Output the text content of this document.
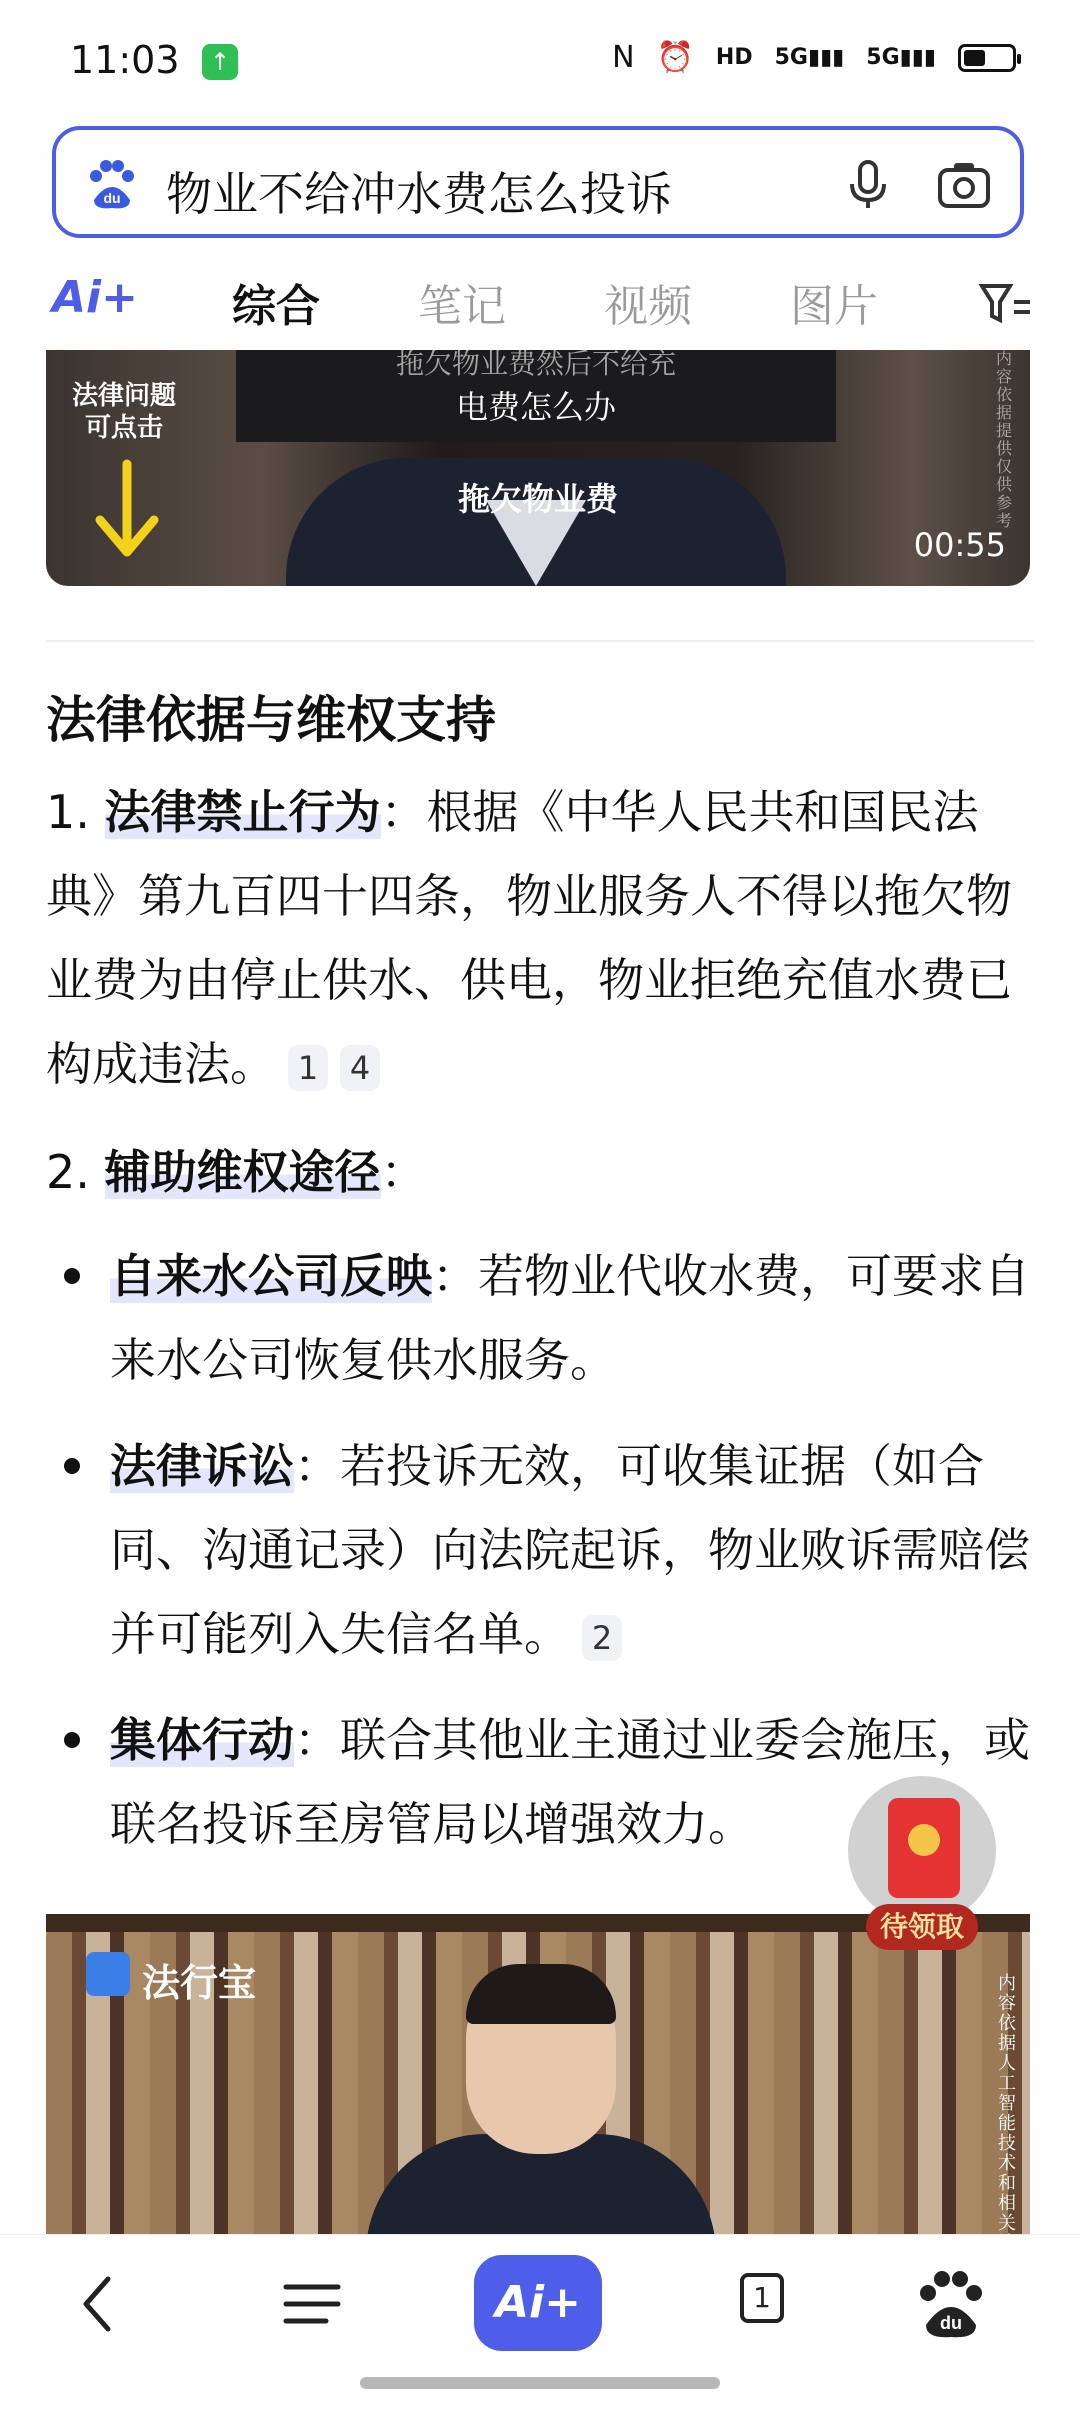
11:03
↑	N ⏰ HD 5G▮▮▮ 5G▮▮▮
du 物业不给冲水费怎么投诉
Ai+ 综合 笔记 视频 图片
拖欠物业费然后不给充
电费怎么办
拖欠物业费
法律问题
可点击
内容依据提供仅供参考
00:55
法律依据与维权支持

1. 法律禁止行为：根据《中华人民共和国民法典》第九百四十四条，物业服务人不得以拖欠物业费为由停止供水、供电，物业拒绝充值水费已构成违法。 1 4

2. 辅助维权途径：

自来水公司反映：若物业代收水费，可要求自来水公司恢复供水服务。

法律诉讼：若投诉无效，可收集证据（如合同、沟通记录）向法院起诉，物业败诉需赔偿并可能列入失信名单。 2

集体行动：联合其他业主通过业委会施压，或联名投诉至房管局以增强效力。

法行宝	内容依据人工智能技术和相关
待领取
Ai+	1
du
